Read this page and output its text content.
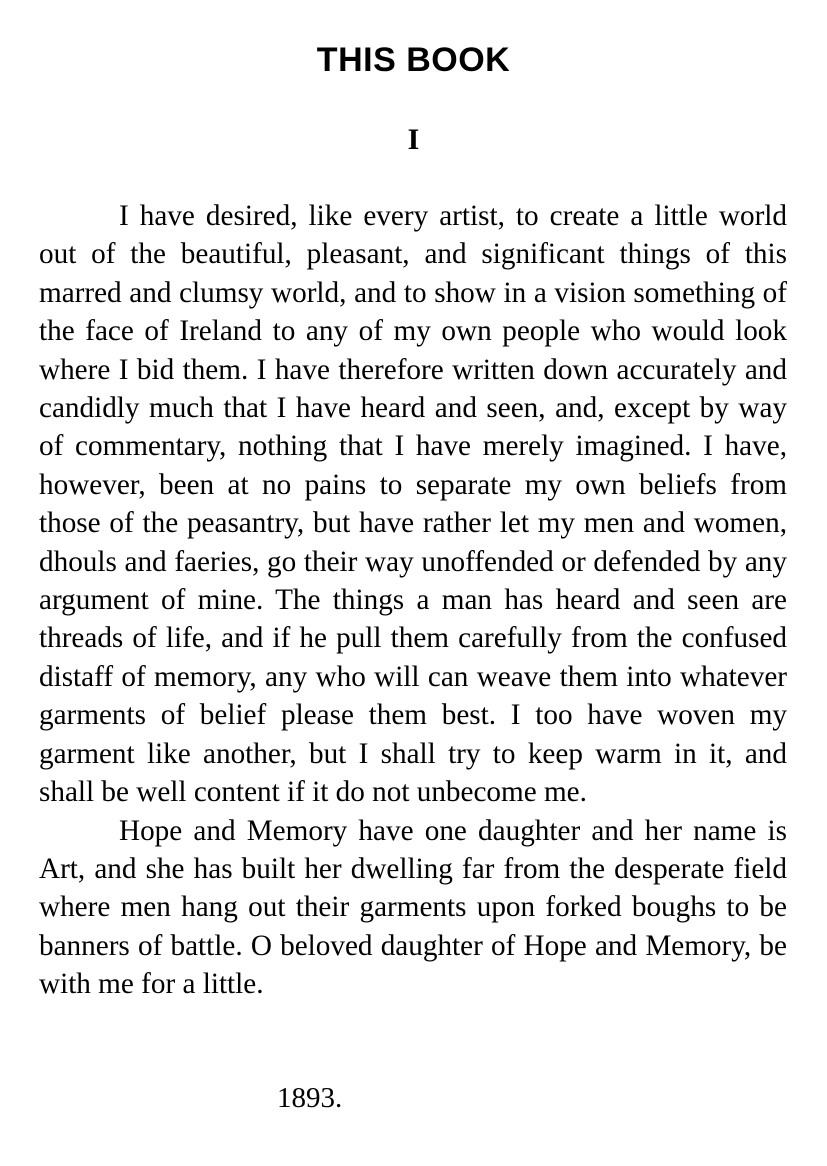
THIS BOOK
I

I have desired, like every artist, to create a little world out of the beautiful, pleasant, and significant things of this marred and clumsy world, and to show in a vision something of the face of Ireland to any of my own people who would look where I bid them. I have therefore written down accurately and candidly much that I have heard and seen, and, except by way of commentary, nothing that I have merely imagined. I have, however, been at no pains to separate my own beliefs from those of the peasantry, but have rather let my men and women, dhouls and faeries, go their way unoffended or defended by any argument of mine. The things a man has heard and seen are threads of life, and if he pull them carefully from the confused distaff of memory, any who will can weave them into whatever garments of belief please them best. I too have woven my garment like another, but I shall try to keep warm in it, and shall be well content if it do not unbecome me.

Hope and Memory have one daughter and her name is Art, and she has built her dwelling far from the desperate field where men hang out their garments upon forked boughs to be banners of battle. O beloved daughter of Hope and Memory, be with me for a little.

1893.
